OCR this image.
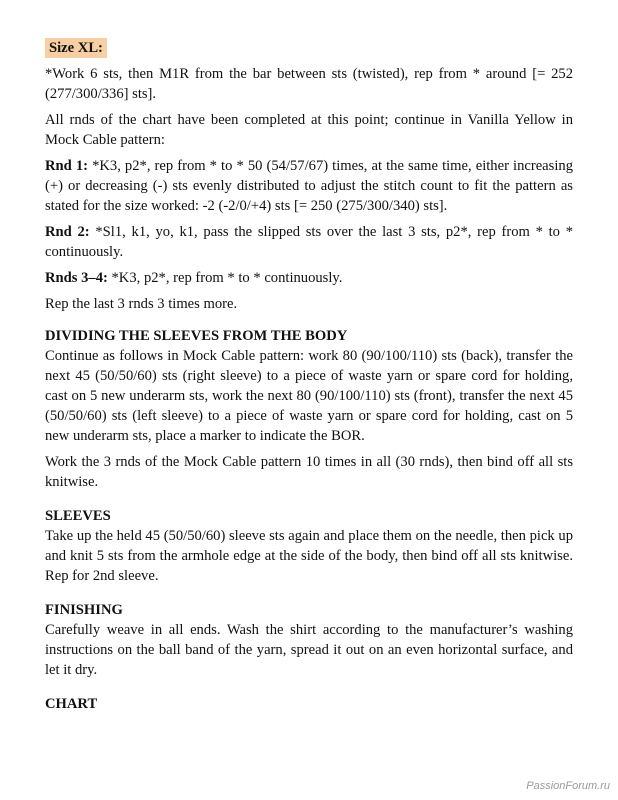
Size XL:

*Work 6 sts, then M1R from the bar between sts (twisted), rep from * around [= 252 (277/300/336] sts].

All rnds of the chart have been completed at this point; continue in Vanilla Yellow in Mock Cable pattern:

Rnd 1: *K3, p2*, rep from * to * 50 (54/57/67) times, at the same time, either increasing (+) or decreasing (-) sts evenly distributed to adjust the stitch count to fit the pattern as stated for the size worked: -2 (-2/0/+4) sts [= 250 (275/300/340) sts].

Rnd 2: *Sl1, k1, yo, k1, pass the slipped sts over the last 3 sts, p2*, rep from * to * continuously.

Rnds 3–4: *K3, p2*, rep from * to * continuously.

Rep the last 3 rnds 3 times more.

DIVIDING THE SLEEVES FROM THE BODY

Continue as follows in Mock Cable pattern: work 80 (90/100/110) sts (back), transfer the next 45 (50/50/60) sts (right sleeve) to a piece of waste yarn or spare cord for holding, cast on 5 new underarm sts, work the next 80 (90/100/110) sts (front), transfer the next 45 (50/50/60) sts (left sleeve) to a piece of waste yarn or spare cord for holding, cast on 5 new underarm sts, place a marker to indicate the BOR.

Work the 3 rnds of the Mock Cable pattern 10 times in all (30 rnds), then bind off all sts knitwise.

SLEEVES

Take up the held 45 (50/50/60) sleeve sts again and place them on the needle, then pick up and knit 5 sts from the armhole edge at the side of the body, then bind off all sts knitwise. Rep for 2nd sleeve.

FINISHING

Carefully weave in all ends. Wash the shirt according to the manufacturer’s washing instructions on the ball band of the yarn, spread it out on an even horizontal surface, and let it dry.

CHART
PassionForum.ru
